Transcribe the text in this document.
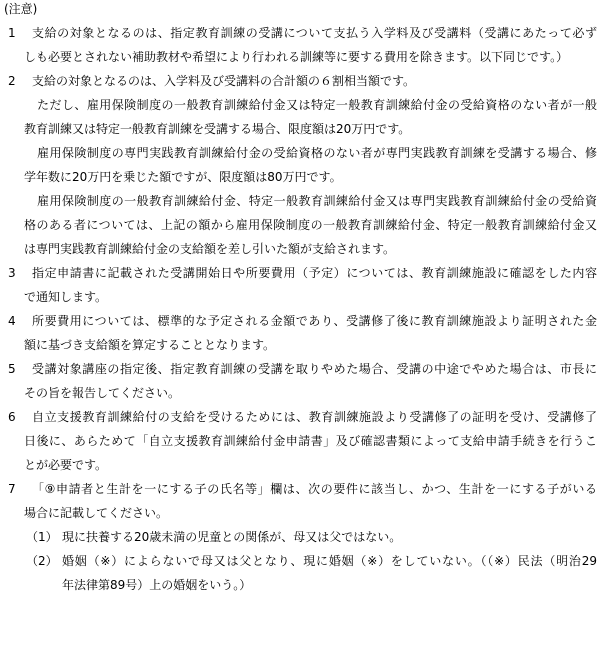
(注意)
1 支給の対象となるのは、指定教育訓練の受講について支払う入学料及び受講料（受講にあたって必ず
しも必要とされない補助教材や希望により行われる訓練等に要する費用を除きます。以下同じです。）
2 支給の対象となるのは、入学料及び受講料の合計額の６割相当額です。
ただし、雇用保険制度の一般教育訓練給付金又は特定一般教育訓練給付金の受給資格のない者が一般
教育訓練又は特定一般教育訓練を受講する場合、限度額は20万円です。
雇用保険制度の専門実践教育訓練給付金の受給資格のない者が専門実践教育訓練を受講する場合、修
学年数に20万円を乗じた額ですが、限度額は80万円です。
雇用保険制度の一般教育訓練給付金、特定一般教育訓練給付金又は専門実践教育訓練給付金の受給資
格のある者については、上記の額から雇用保険制度の一般教育訓練給付金、特定一般教育訓練給付金又
は専門実践教育訓練給付金の支給額を差し引いた額が支給されます。
3 指定申請書に記載された受講開始日や所要費用（予定）については、教育訓練施設に確認をした内容
で通知します。
4 所要費用については、標準的な予定される金額であり、受講修了後に教育訓練施設より証明された金
額に基づき支給額を算定することとなります。
5 受講対象講座の指定後、指定教育訓練の受講を取りやめた場合、受講の中途でやめた場合は、市長に
その旨を報告してください。
6 自立支援教育訓練給付の支給を受けるためには、教育訓練施設より受講修了の証明を受け、受講修了
日後に、あらためて「自立支援教育訓練給付金申請書」及び確認書類によって支給申請手続きを行うこ
とが必要です。
7 「⑨申請者と生計を一にする子の氏名等」欄は、次の要件に該当し、かつ、生計を一にする子がいる
場合に記載してください。
（1） 現に扶養する20歳未満の児童との関係が、母又は父ではない。
（2） 婚姻（※）によらないで母又は父となり、現に婚姻（※）をしていない。（（※）民法（明治29
年法律第89号）上の婚姻をいう。）
